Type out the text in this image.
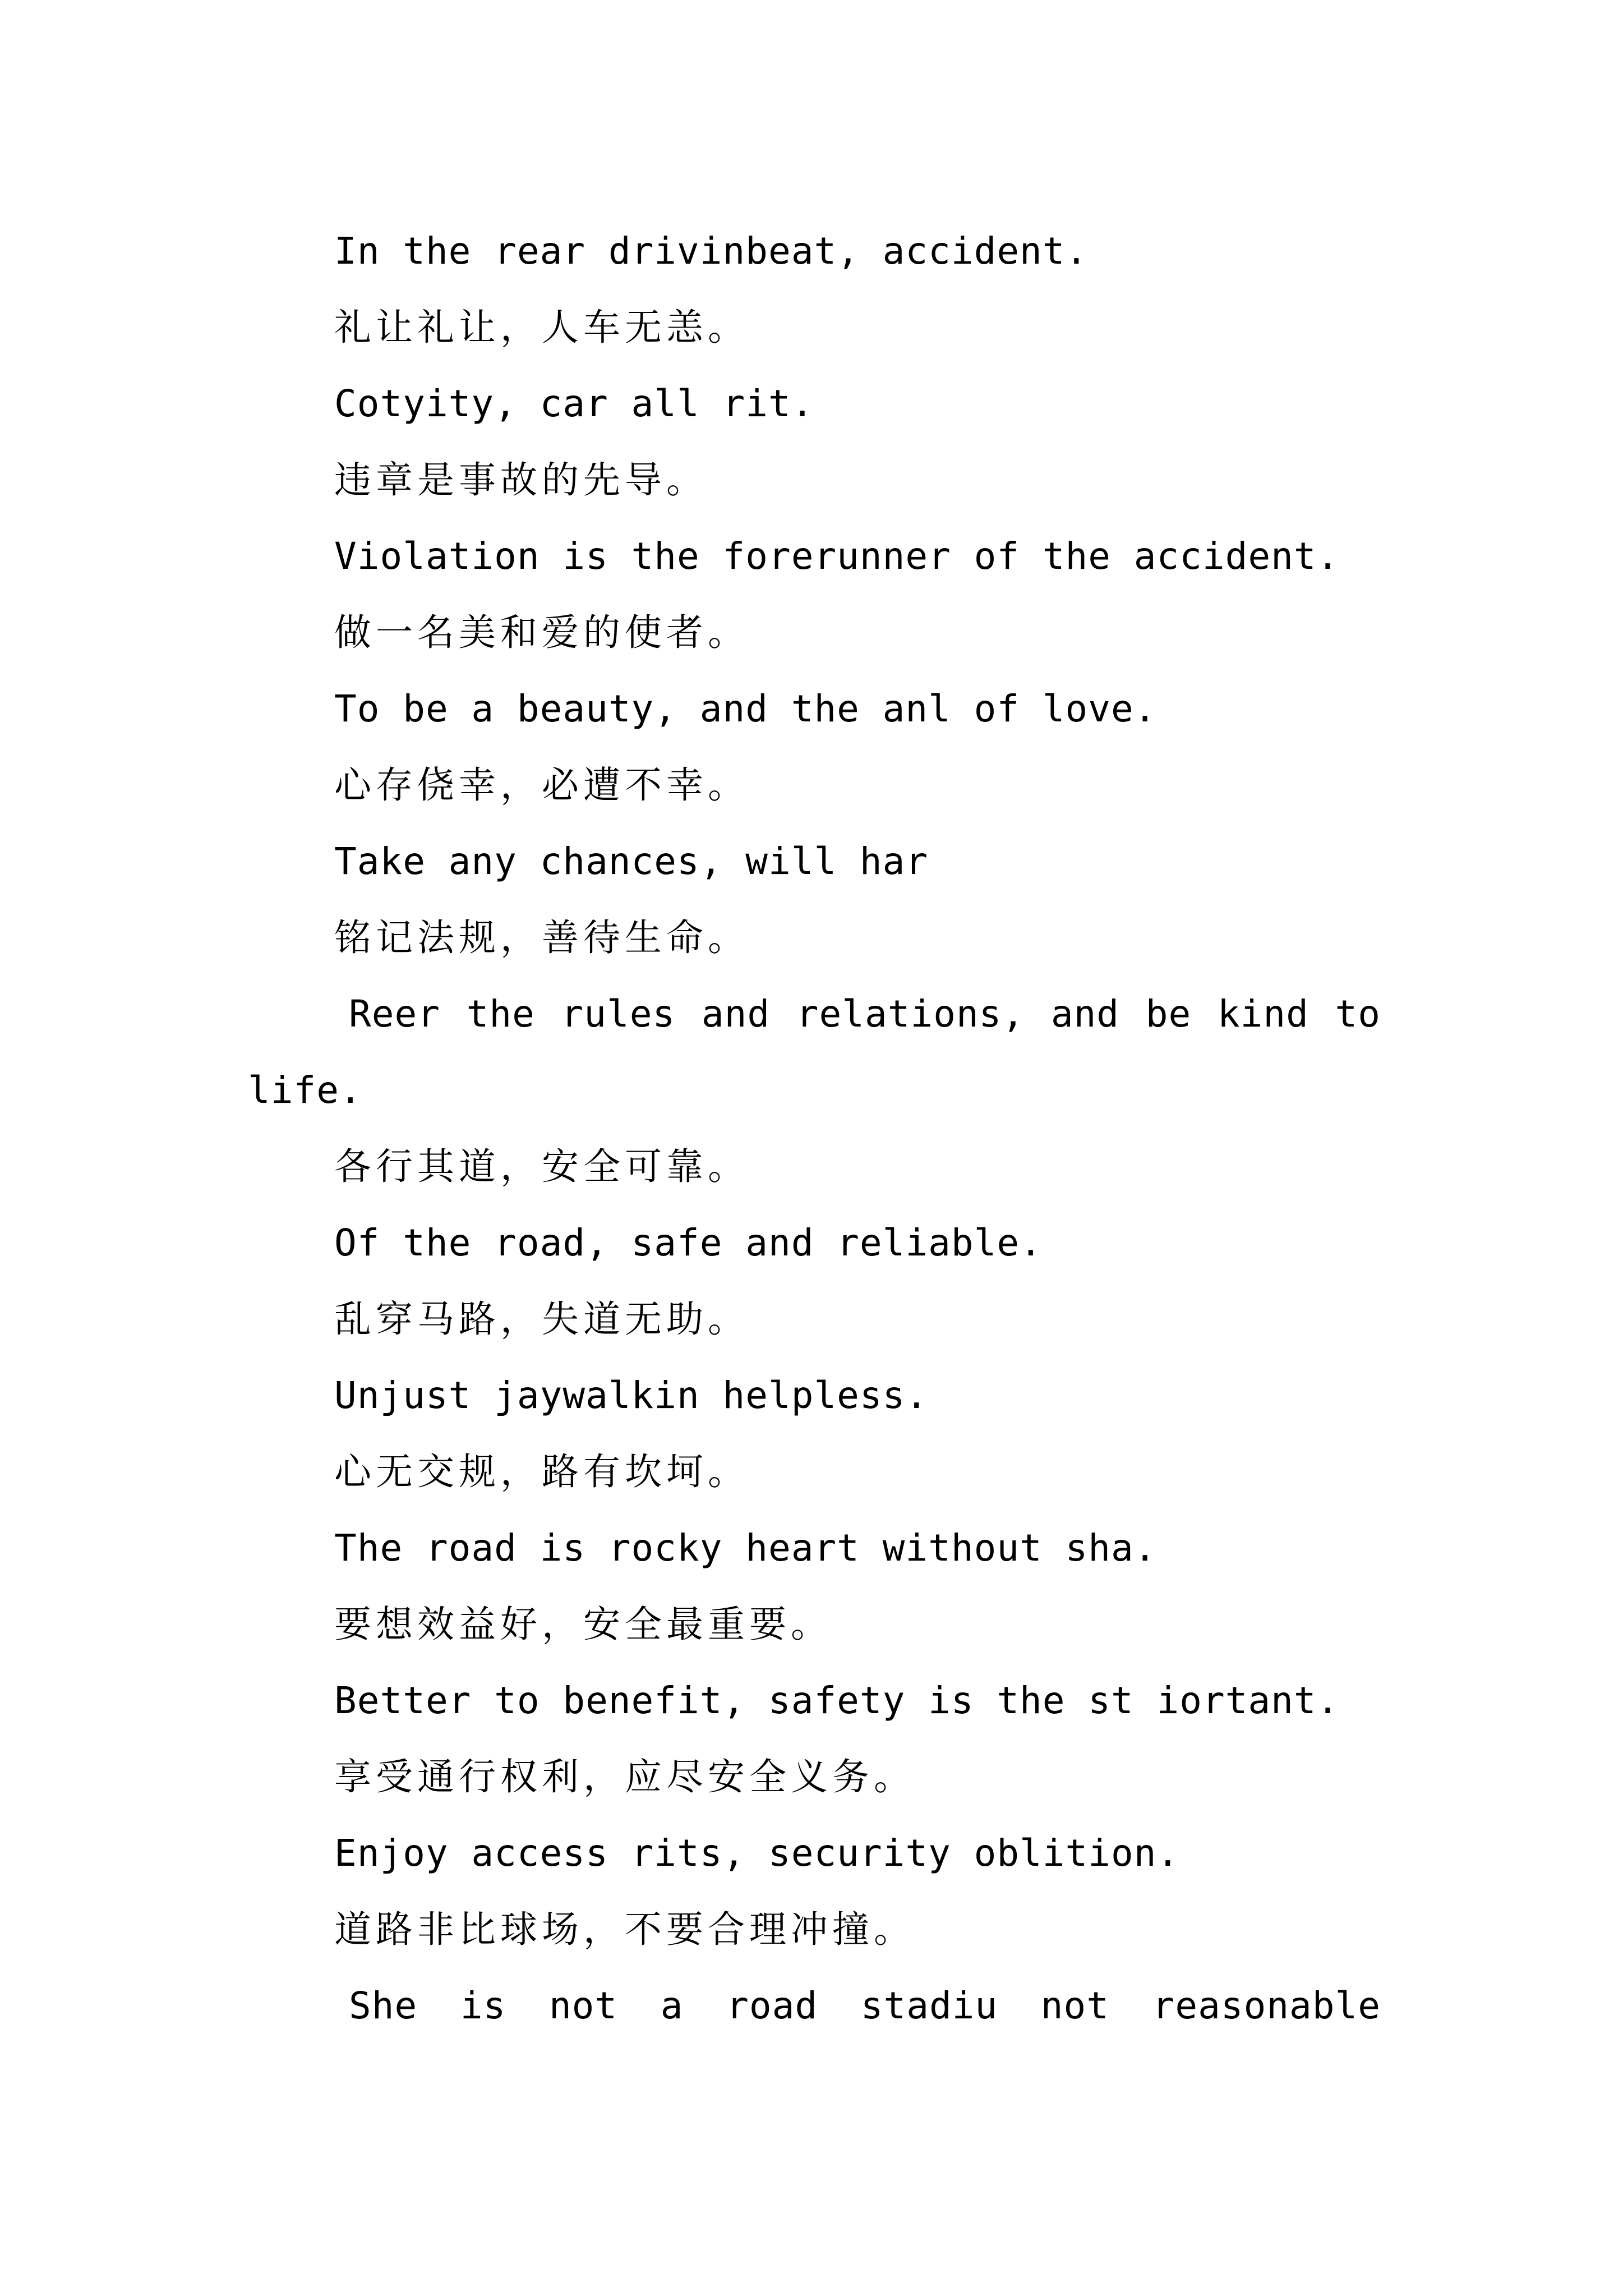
In the rear drivinbeat, accident.
礼让礼让，人车无恙。
Cotyity, car all rit.
违章是事故的先导。
Violation is the forerunner of the accident.
做一名美和爱的使者。
To be a beauty, and the anl of love.
心存侥幸，必遭不幸。
Take any chances, will har
铭记法规，善待生命。
Reer the rules and relations, and be kind to
life.
各行其道，安全可靠。
Of the road, safe and reliable.
乱穿马路，失道无助。
Unjust jaywalkin helpless.
心无交规，路有坎坷。
The road is rocky heart without sha.
要想效益好，安全最重要。
Better to benefit, safety is the st iortant.
享受通行权利，应尽安全义务。
Enjoy access rits, security oblition.
道路非比球场，不要合理冲撞。
She is not a road stadiu not reasonable
